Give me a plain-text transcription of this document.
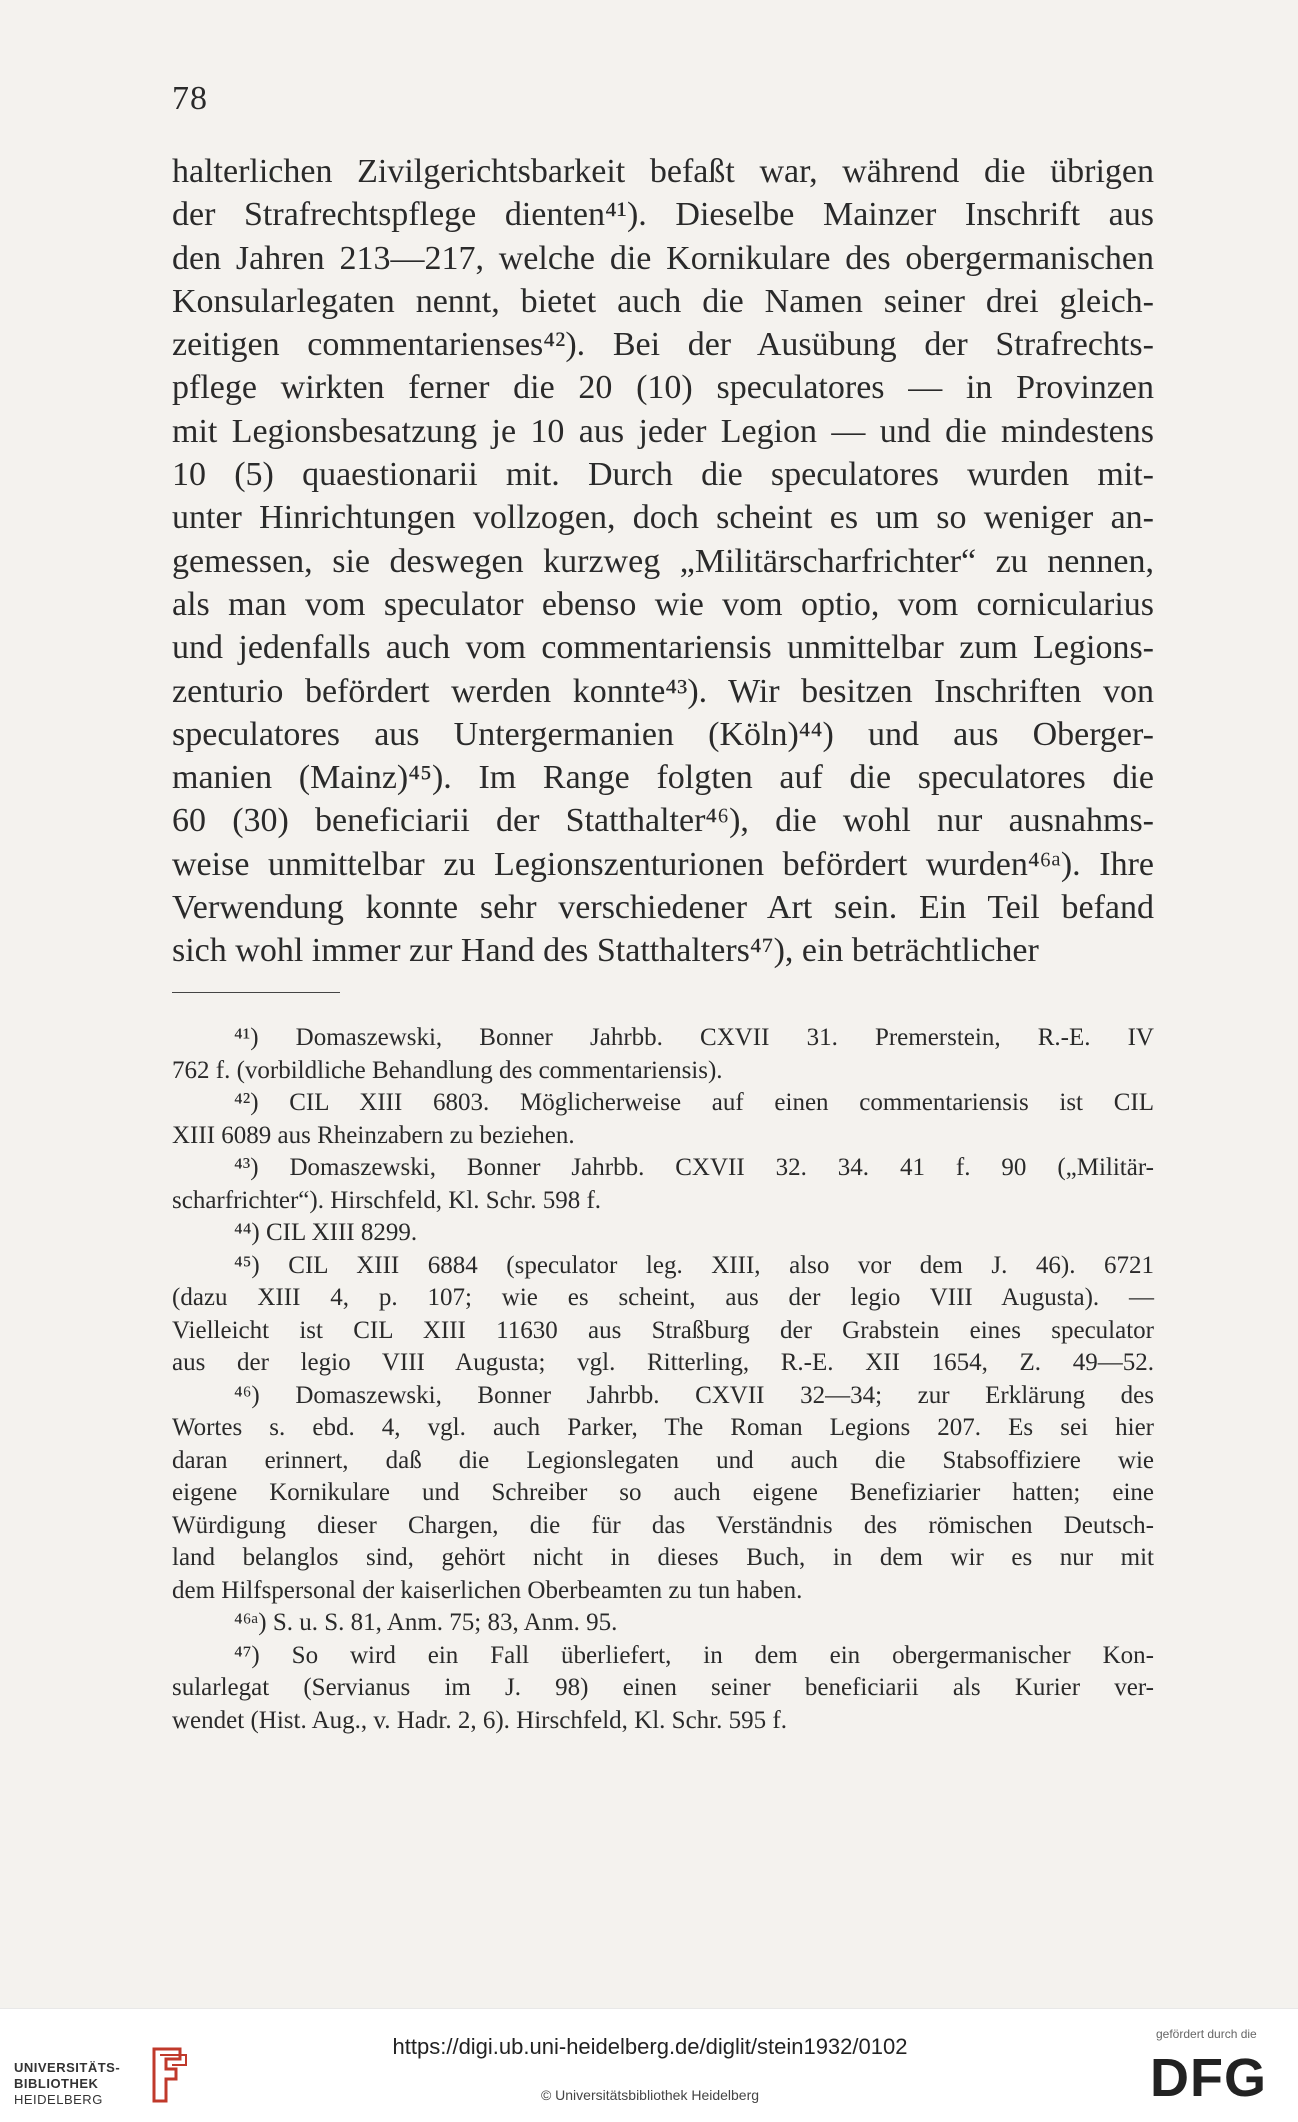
78
halterlichen Zivilgerichtsbarkeit befaßt war, während die übrigen
der Strafrechtspflege dienten⁴¹). Dieselbe Mainzer Inschrift aus
den Jahren 213—217, welche die Kornikulare des obergermanischen
Konsularlegaten nennt, bietet auch die Namen seiner drei gleich-
zeitigen commentarienses⁴²). Bei der Ausübung der Strafrechts-
pflege wirkten ferner die 20 (10) speculatores — in Provinzen
mit Legionsbesatzung je 10 aus jeder Legion — und die mindestens
10 (5) quaestionarii mit. Durch die speculatores wurden mit-
unter Hinrichtungen vollzogen, doch scheint es um so weniger an-
gemessen, sie deswegen kurzweg „Militärscharfrichter“ zu nennen,
als man vom speculator ebenso wie vom optio, vom cornicularius
und jedenfalls auch vom commentariensis unmittelbar zum Legions-
zenturio befördert werden konnte⁴³). Wir besitzen Inschriften von
speculatores aus Untergermanien (Köln)⁴⁴) und aus Oberger-
manien (Mainz)⁴⁵). Im Range folgten auf die speculatores die
60 (30) beneficiarii der Statthalter⁴⁶), die wohl nur ausnahms-
weise unmittelbar zu Legionszenturionen befördert wurden⁴⁶ᵃ). Ihre
Verwendung konnte sehr verschiedener Art sein. Ein Teil befand
sich wohl immer zur Hand des Statthalters⁴⁷), ein beträchtlicher
⁴¹) Domaszewski, Bonner Jahrbb. CXVII 31. Premerstein, R.-E. IV
762 f. (vorbildliche Behandlung des commentariensis).
⁴²) CIL XIII 6803. Möglicherweise auf einen commentariensis ist CIL
XIII 6089 aus Rheinzabern zu beziehen.
⁴³) Domaszewski, Bonner Jahrbb. CXVII 32. 34. 41 f. 90 („Militär-
scharfrichter“). Hirschfeld, Kl. Schr. 598 f.
⁴⁴) CIL XIII 8299.
⁴⁵) CIL XIII 6884 (speculator leg. XIII, also vor dem J. 46). 6721
(dazu XIII 4, p. 107; wie es scheint, aus der legio VIII Augusta). —
Vielleicht ist CIL XIII 11630 aus Straßburg der Grabstein eines speculator
aus der legio VIII Augusta; vgl. Ritterling, R.-E. XII 1654, Z. 49—52.
⁴⁶) Domaszewski, Bonner Jahrbb. CXVII 32—34; zur Erklärung des
Wortes s. ebd. 4, vgl. auch Parker, The Roman Legions 207. Es sei hier
daran erinnert, daß die Legionslegaten und auch die Stabsoffiziere wie
eigene Kornikulare und Schreiber so auch eigene Benefiziarier hatten; eine
Würdigung dieser Chargen, die für das Verständnis des römischen Deutsch-
land belanglos sind, gehört nicht in dieses Buch, in dem wir es nur mit
dem Hilfspersonal der kaiserlichen Oberbeamten zu tun haben.
⁴⁶ᵃ) S. u. S. 81, Anm. 75; 83, Anm. 95.
⁴⁷) So wird ein Fall überliefert, in dem ein obergermanischer Kon-
sularlegat (Servianus im J. 98) einen seiner beneficiarii als Kurier ver-
wendet (Hist. Aug., v. Hadr. 2, 6). Hirschfeld, Kl. Schr. 595 f.
UNIVERSITÄTS-
BIBLIOTHEK
HEIDELBERG
https://digi.ub.uni-heidelberg.de/diglit/stein1932/0102
© Universitätsbibliothek Heidelberg
gefördert durch die
DFG
